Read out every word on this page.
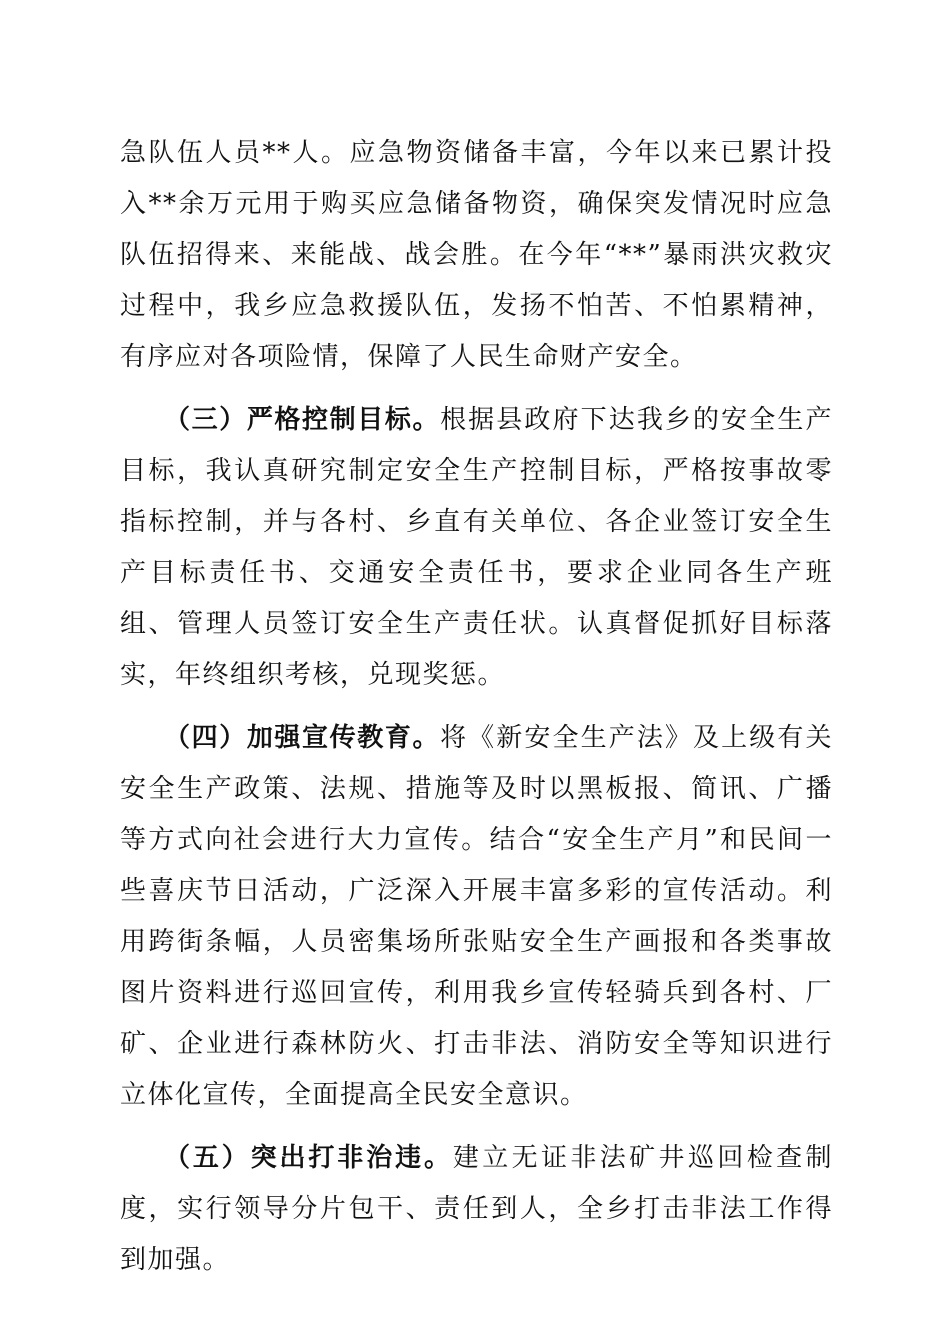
急队伍人员**人。应急物资储备丰富，今年以来已累计投入**余万元用于购买应急储备物资，确保突发情况时应急队伍招得来、来能战、战会胜。在今年“**”暴雨洪灾救灾过程中，我乡应急救援队伍，发扬不怕苦、不怕累精神，有序应对各项险情，保障了人民生命财产安全。

（三）严格控制目标。根据县政府下达我乡的安全生产目标，我认真研究制定安全生产控制目标，严格按事故零指标控制，并与各村、乡直有关单位、各企业签订安全生产目标责任书、交通安全责任书，要求企业同各生产班组、管理人员签订安全生产责任状。认真督促抓好目标落实，年终组织考核，兑现奖惩。

（四）加强宣传教育。将《新安全生产法》及上级有关安全生产政策、法规、措施等及时以黑板报、简讯、广播等方式向社会进行大力宣传。结合“安全生产月”和民间一些喜庆节日活动，广泛深入开展丰富多彩的宣传活动。利用跨街条幅，人员密集场所张贴安全生产画报和各类事故图片资料进行巡回宣传，利用我乡宣传轻骑兵到各村、厂矿、企业进行森林防火、打击非法、消防安全等知识进行立体化宣传，全面提高全民安全意识。

（五）突出打非治违。建立无证非法矿井巡回检查制度，实行领导分片包干、责任到人，全乡打击非法工作得到加强。
